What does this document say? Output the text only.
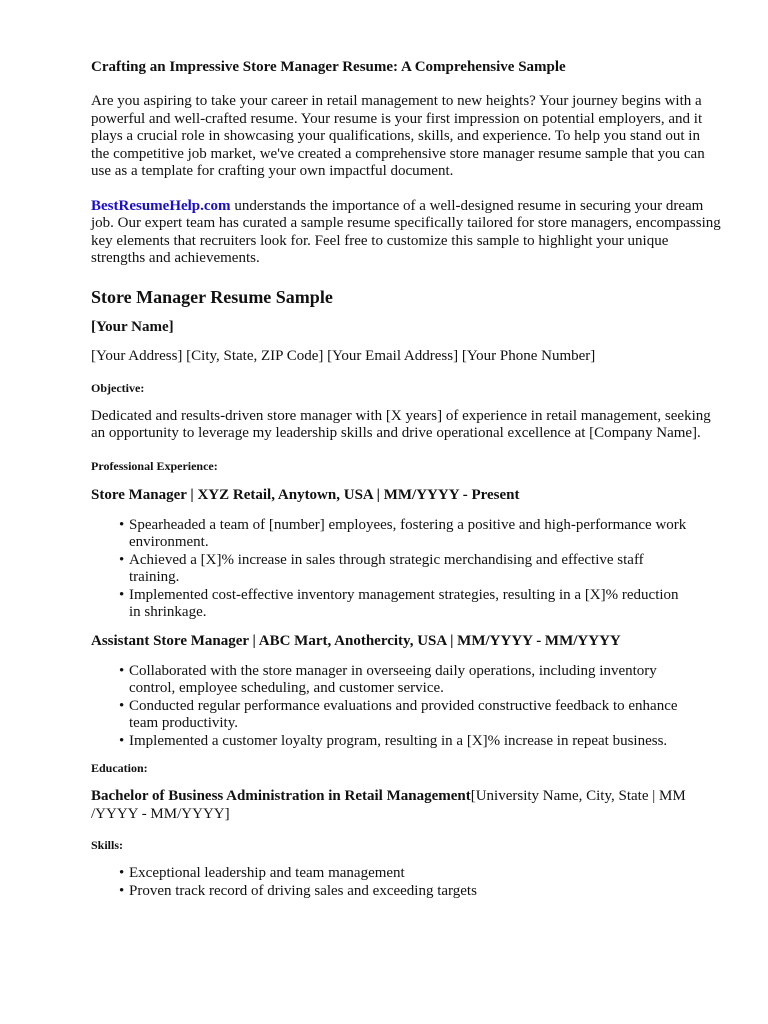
Crafting an Impressive Store Manager Resume: A Comprehensive Sample

Are you aspiring to take your career in retail management to new heights? Your journey begins with a powerful and well-crafted resume. Your resume is your first impression on potential employers, and it plays a crucial role in showcasing your qualifications, skills, and experience. To help you stand out in the competitive job market, we've created a comprehensive store manager resume sample that you can use as a template for crafting your own impactful document.

BestResumeHelp.com understands the importance of a well-designed resume in securing your dream job. Our expert team has curated a sample resume specifically tailored for store managers, encompassing key elements that recruiters look for. Feel free to customize this sample to highlight your unique strengths and achievements.

Store Manager Resume Sample

[Your Name]

[Your Address] [City, State, ZIP Code] [Your Email Address] [Your Phone Number]

Objective:

Dedicated and results-driven store manager with [X years] of experience in retail management, seeking an opportunity to leverage my leadership skills and drive operational excellence at [Company Name].

Professional Experience:

Store Manager | XYZ Retail, Anytown, USA | MM/YYYY - Present

• Spearheaded a team of [number] employees, fostering a positive and high-performance work environment.
• Achieved a [X]% increase in sales through strategic merchandising and effective staff training.
• Implemented cost-effective inventory management strategies, resulting in a [X]% reduction in shrinkage.

Assistant Store Manager | ABC Mart, Anothercity, USA | MM/YYYY - MM/YYYY

• Collaborated with the store manager in overseeing daily operations, including inventory control, employee scheduling, and customer service.
• Conducted regular performance evaluations and provided constructive feedback to enhance team productivity.
• Implemented a customer loyalty program, resulting in a [X]% increase in repeat business.

Education:

Bachelor of Business Administration in Retail Management[University Name, City, State | MM /YYYY - MM/YYYY]

Skills:

• Exceptional leadership and team management
• Proven track record of driving sales and exceeding targets
